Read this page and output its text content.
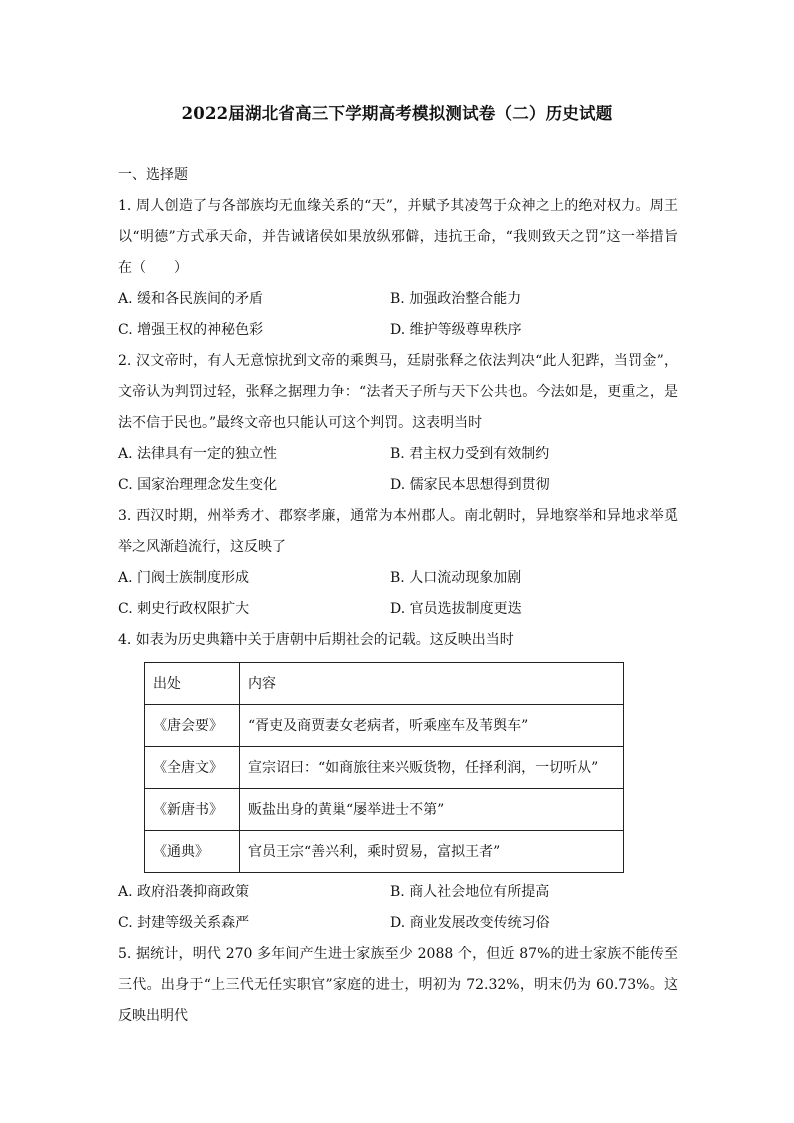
2022届湖北省高三下学期高考模拟测试卷（二）历史试题

一、选择题

1. 周人创造了与各部族均无血缘关系的“天”，并赋予其凌驾于众神之上的绝对权力。周王以“明德”方式承天命，并告诫诸侯如果放纵邪僻，违抗王命，“我则致天之罚”这一举措旨在（　　）

A. 缓和各民族间的矛盾	B. 加强政治整合能力

C. 增强王权的神秘色彩	D. 维护等级尊卑秩序

2. 汉文帝时，有人无意惊扰到文帝的乘舆马，廷尉张释之依法判决“此人犯跸，当罚金”，文帝认为判罚过轻，张释之据理力争：“法者天子所与天下公共也。今法如是，更重之，是法不信于民也。”最终文帝也只能认可这个判罚。这表明当时

A. 法律具有一定的独立性	B. 君主权力受到有效制约

C. 国家治理理念发生变化	D. 儒家民本思想得到贯彻

3. 西汉时期，州举秀才、郡察孝廉，通常为本州郡人。南北朝时，异地察举和异地求举觅举之风渐趋流行，这反映了

A. 门阀士族制度形成	B. 人口流动现象加剧

C. 刺史行政权限扩大	D. 官员选拔制度更迭

4. 如表为历史典籍中关于唐朝中后期社会的记载。这反映出当时

出处	内容
《唐会要》	“胥吏及商贾妻女老病者，听乘座车及苇舆车”
《全唐文》	宣宗诏曰：“如商旅往来兴贩货物，任择利润，一切听从”
《新唐书》	贩盐出身的黄巢“屡举进士不第”
《通典》	官员王宗“善兴利，乘时贸易，富拟王者”

A. 政府沿袭抑商政策	B. 商人社会地位有所提高

C. 封建等级关系森严	D. 商业发展改变传统习俗

5. 据统计，明代 270 多年间产生进士家族至少 2088 个，但近 87%的进士家族不能传至三代。出身于“上三代无任实职官”家庭的进士，明初为 72.32%，明末仍为 60.73%。这反映出明代
